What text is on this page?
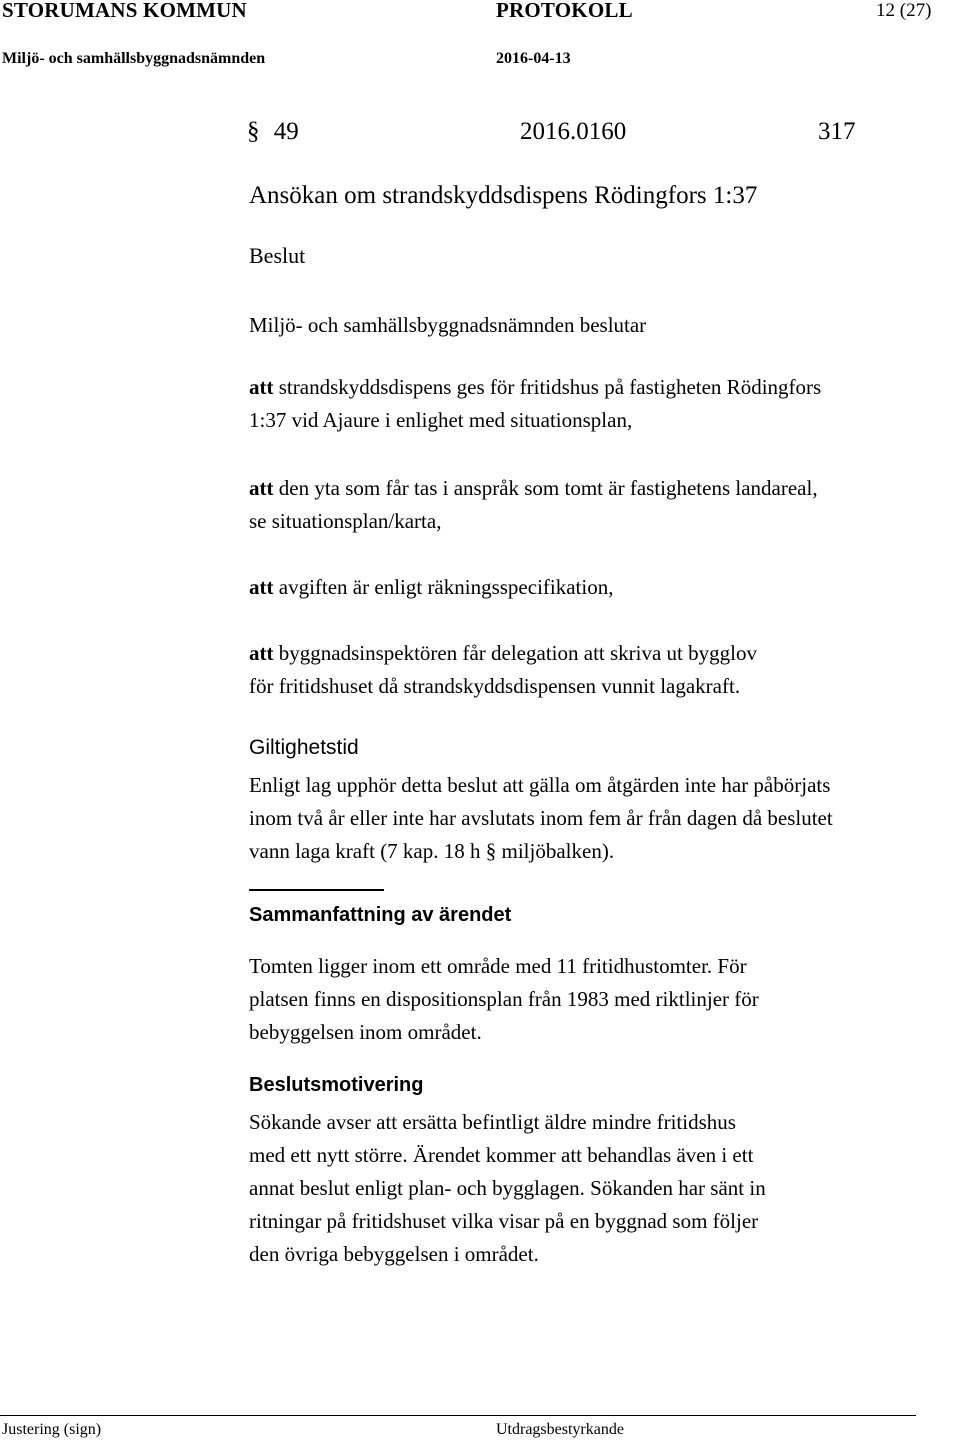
STORUMANS KOMMUN	PROTOKOLL	12 (27)
Miljö- och samhällsbyggnadsnämnden	2016-04-13
§ 49	2016.0160	317
Ansökan om strandskyddsdispens Rödingfors 1:37
Beslut
Miljö- och samhällsbyggnadsnämnden beslutar
att strandskyddsdispens ges för fritidshus på fastigheten Rödingfors
1:37 vid Ajaure i enlighet med situationsplan,
att den yta som får tas i anspråk som tomt är fastighetens landareal,
se situationsplan/karta,
att avgiften är enligt räkningsspecifikation,
att byggnadsinspektören får delegation att skriva ut bygglov
för fritidshuset då strandskyddsdispensen vunnit lagakraft.
Giltighetstid
Enligt lag upphör detta beslut att gälla om åtgärden inte har påbörjats
inom två år eller inte har avslutats inom fem år från dagen då beslutet
vann laga kraft (7 kap. 18 h § miljöbalken).
Sammanfattning av ärendet
Tomten ligger inom ett område med 11 fritidhustomter. För
platsen finns en dispositionsplan från 1983 med riktlinjer för
bebyggelsen inom området.
Beslutsmotivering
Sökande avser att ersätta befintligt äldre mindre fritidshus
med ett nytt större. Ärendet kommer att behandlas även i ett
annat beslut enligt plan- och bygglagen. Sökanden har sänt in
ritningar på fritidshuset vilka visar på en byggnad som följer
den övriga bebyggelsen i området.
Justering (sign)	Utdragsbestyrkande
